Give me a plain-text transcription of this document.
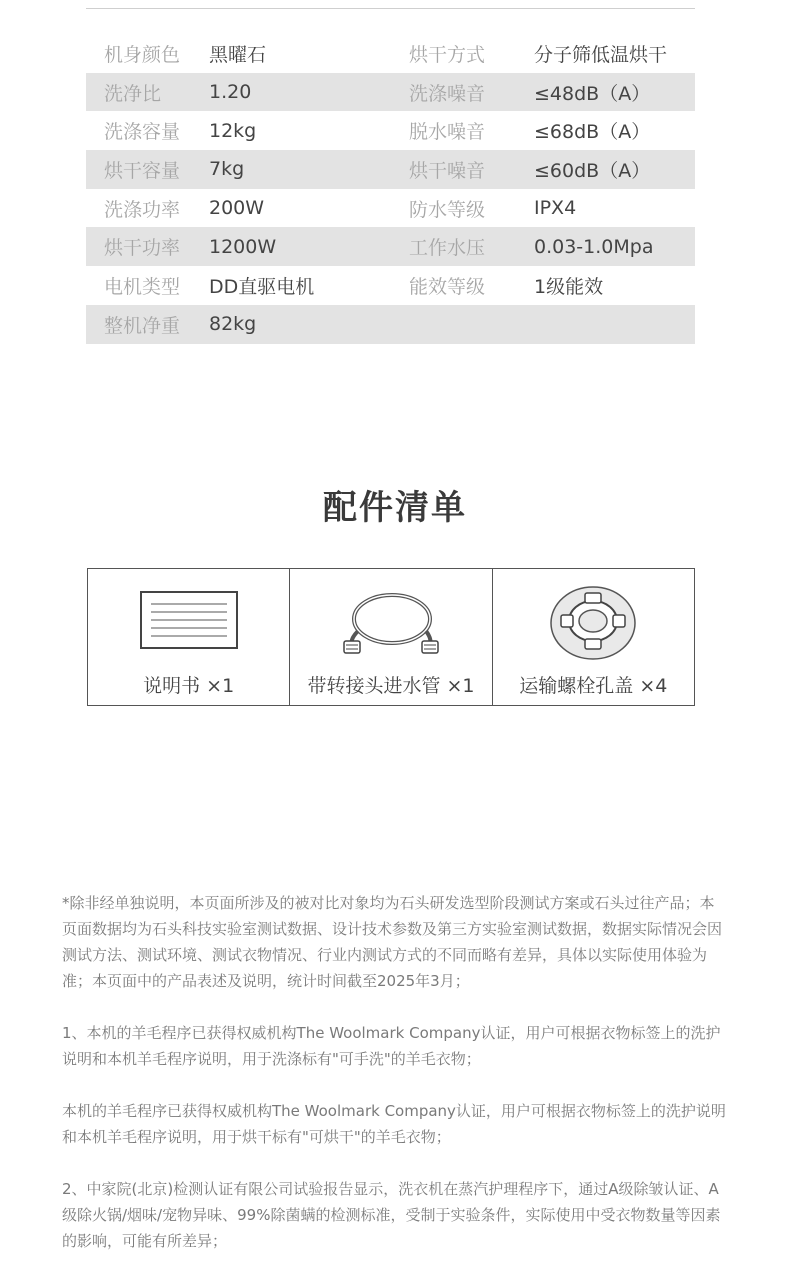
机身颜色	黑曜石	烘干方式	分子筛低温烘干
洗净比	1.20	洗涤噪音	≤48dB（A）
洗涤容量	12kg	脱水噪音	≤68dB（A）
烘干容量	7kg	烘干噪音	≤60dB（A）
洗涤功率	200W	防水等级	IPX4
烘干功率	1200W	工作水压	0.03-1.0Mpa
电机类型	DD直驱电机	能效等级	1级能效
整机净重	82kg
配件清单
说明书 ×1	带转接头进水管 ×1	运输螺栓孔盖 ×4

*除非经单独说明，本页面所涉及的被对比对象均为石头研发选型阶段测试方案或石头过往产品；本页面数据均为石头科技实验室测试数据、设计技术参数及第三方实验室测试数据，数据实际情况会因测试方法、测试环境、测试衣物情况、行业内测试方式的不同而略有差异，具体以实际使用体验为准；本页面中的产品表述及说明，统计时间截至2025年3月；

1、本机的羊毛程序已获得权威机构The Woolmark Company认证，用户可根据衣物标签上的洗护说明和本机羊毛程序说明，用于洗涤标有"可手洗"的羊毛衣物；

本机的羊毛程序已获得权威机构The Woolmark Company认证，用户可根据衣物标签上的洗护说明和本机羊毛程序说明，用于烘干标有"可烘干"的羊毛衣物；

2、中家院(北京)检测认证有限公司试验报告显示，洗衣机在蒸汽护理程序下，通过A级除皱认证、A级除火锅/烟味/宠物异味、99%除菌螨的检测标准，受制于实验条件，实际使用中受衣物数量等因素的影响，可能有所差异；
